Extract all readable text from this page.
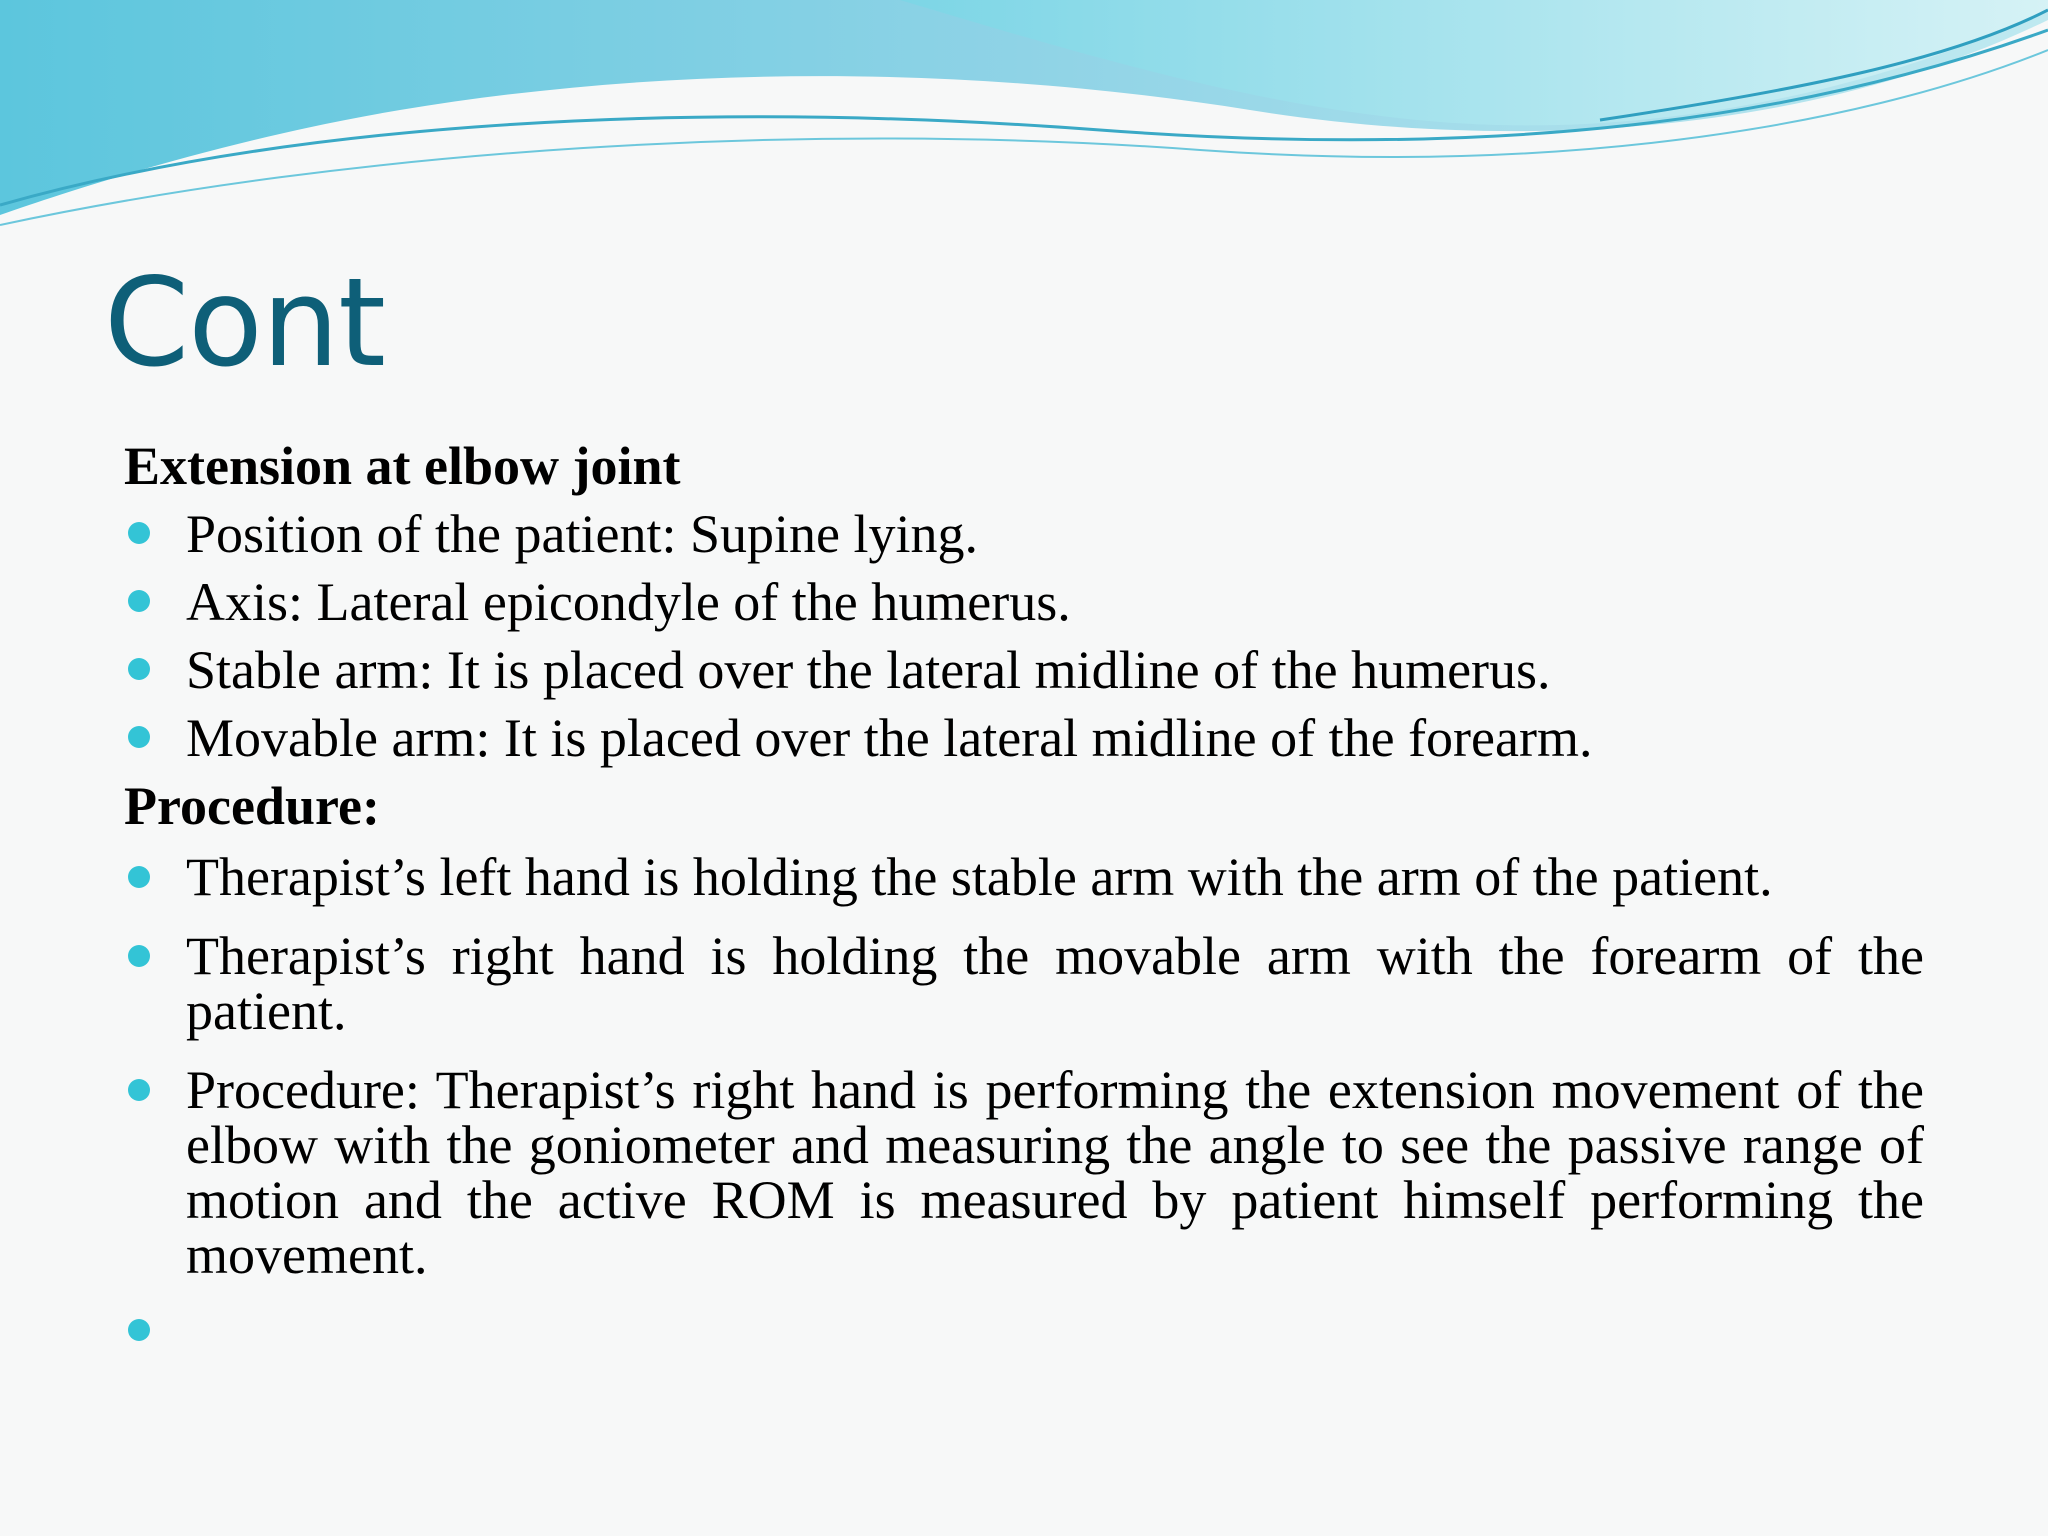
Cont

Extension at elbow joint

Position of the patient: Supine lying.
Axis: Lateral epicondyle of the humerus.
Stable arm: It is placed over the lateral midline of the humerus.
Movable arm: It is placed over the lateral midline of the forearm.

Procedure:

Therapist’s left hand is holding the stable arm with the arm of the patient.
Therapist’s right hand is holding the movable arm with the forearm of the patient.
Procedure: Therapist’s right hand is performing the extension movement of the elbow with the goniometer and measuring the angle to see the passive range of motion and the active ROM is measured by patient himself performing the movement.
